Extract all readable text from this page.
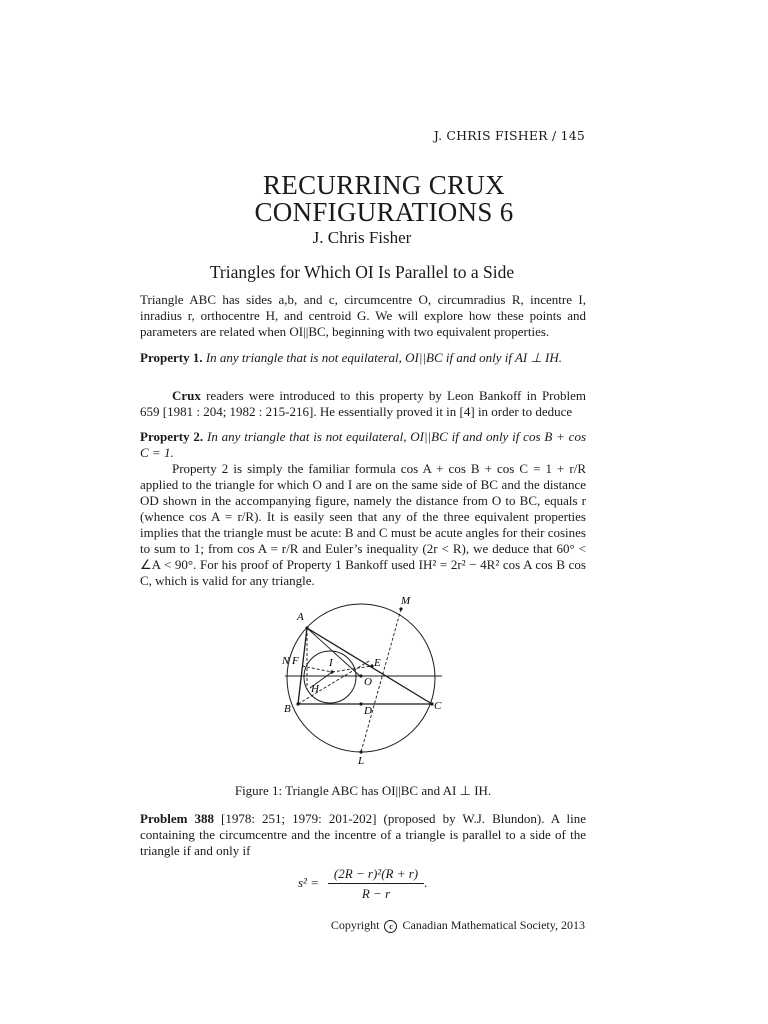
J. CHRIS FISHER / 145
RECURRING CRUX
CONFIGURATIONS 6
J. Chris Fisher
Triangles for Which OI Is Parallel to a Side
Triangle ABC has sides a,b, and c, circumcentre O, circumradius R, incentre I, inradius r, orthocentre H, and centroid G. We will explore how these points and parameters are related when OI||BC, beginning with two equivalent properties.
Property 1. In any triangle that is not equilateral, OI||BC if and only if AI ⊥ IH.
Crux readers were introduced to this property by Leon Bankoff in Problem 659 [1981 : 204; 1982 : 215-216]. He essentially proved it in [4] in order to deduce
Property 2. In any triangle that is not equilateral, OI||BC if and only if cos B + cos C = 1.
Property 2 is simply the familiar formula cos A + cos B + cos C = 1 + r/R applied to the triangle for which O and I are on the same side of BC and the distance OD shown in the accompanying figure, namely the distance from O to BC, equals r (whence cos A = r/R). It is easily seen that any of the three equivalent properties implies that the triangle must be acute: B and C must be acute angles for their cosines to sum to 1; from cos A = r/R and Euler’s inequality (2r < R), we deduce that 60° < ∠A < 90°. For his proof of Property 1 Bankoff used IH² = 2r² − 4R² cos A cos B cos C, which is valid for any triangle.
M
A
N F	I	E
O
H
B	D	C
L
Figure 1: Triangle ABC has OI||BC and AI ⊥ IH.
Problem 388 [1978: 251; 1979: 201-202] (proposed by W.J. Blundon). A line containing the circumcentre and the incentre of a triangle is parallel to a side of the triangle if and only if
s² =
(2R − r)²(R + r)
R − r
.
Copyright c Canadian Mathematical Society, 2013
